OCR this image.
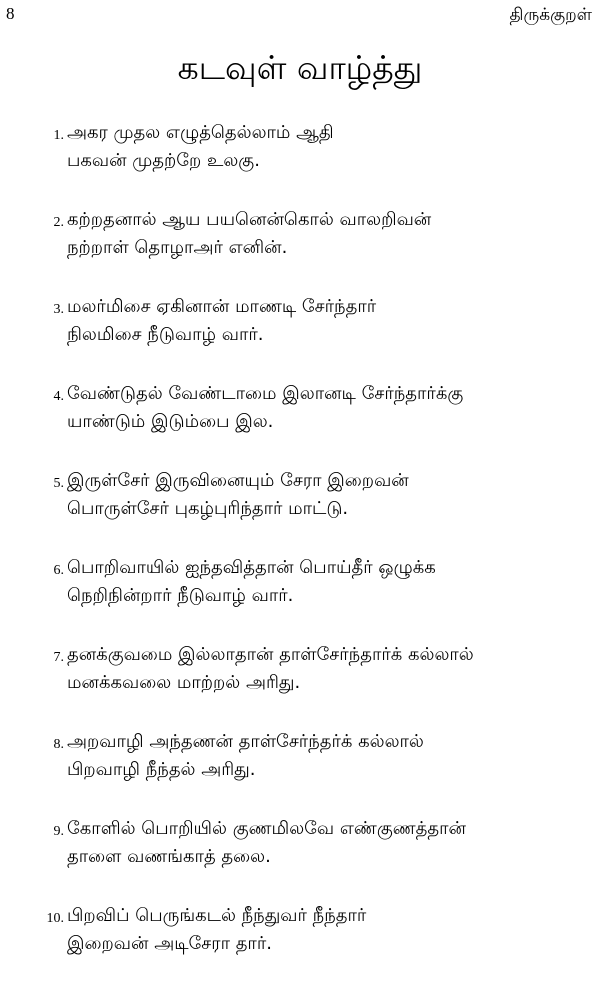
8	திருக்குறள்
கடவுள் வாழ்த்து
1. அகர முதல எழுத்தெல்லாம் ஆதி
பகவன் முதற்றே உலகு.
2. கற்றதனால் ஆய பயனென்கொல் வாலறிவன்
நற்றாள் தொழாஅர் எனின்.
3. மலர்மிசை ஏகினான் மாணடி சேர்ந்தார்
நிலமிசை நீடுவாழ் வார்.
4. வேண்டுதல் வேண்டாமை இலானடி சேர்ந்தார்க்கு
யாண்டும் இடும்பை இல.
5. இருள்சேர் இருவினையும் சேரா இறைவன்
பொருள்சேர் புகழ்புரிந்தார் மாட்டு.
6. பொறிவாயில் ஐந்தவித்தான் பொய்தீர் ஒழுக்க
நெறிநின்றார் நீடுவாழ் வார்.
7. தனக்குவமை இல்லாதான் தாள்சேர்ந்தார்க் கல்லால்
மனக்கவலை மாற்றல் அரிது.
8. அறவாழி அந்தணன் தாள்சேர்ந்தர்க் கல்லால்
பிறவாழி நீந்தல் அரிது.
9. கோளில் பொறியில் குணமிலவே எண்குணத்தான்
தாளை வணங்காத் தலை.
10. பிறவிப் பெருங்கடல் நீந்துவர் நீந்தார்
இறைவன் அடிசேரா தார்.
